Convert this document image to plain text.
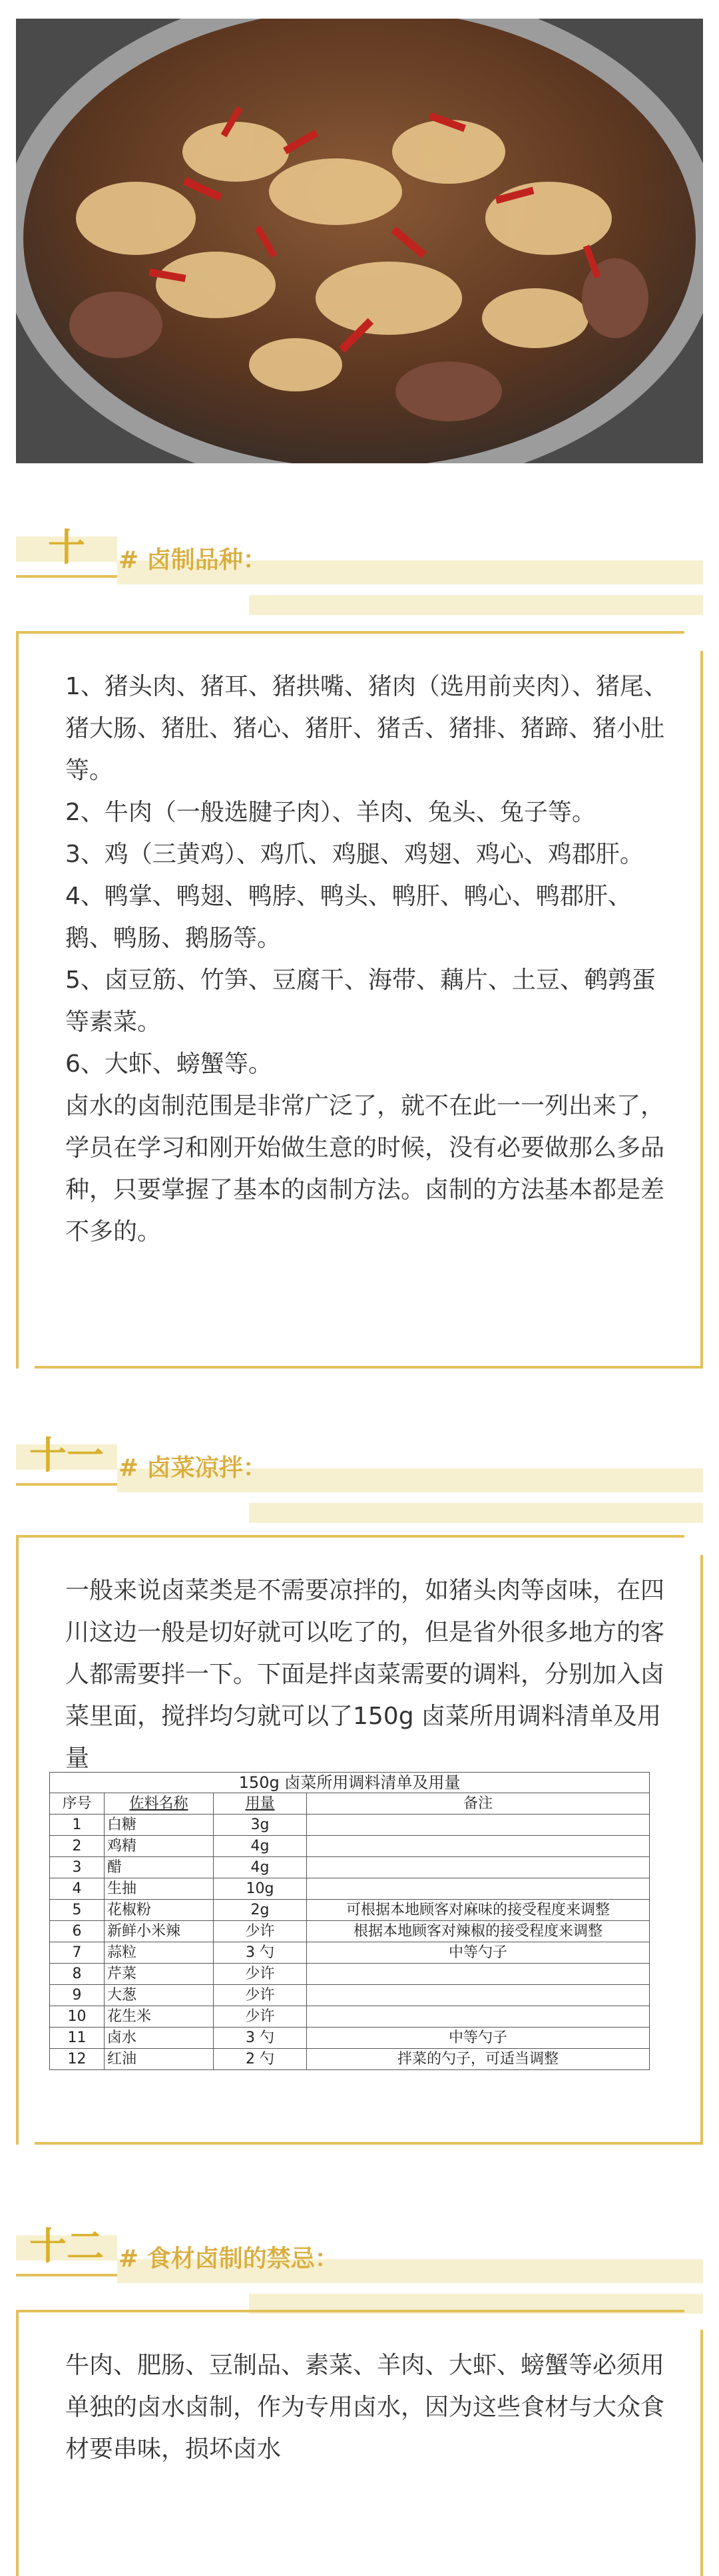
十	# 卤制品种：

1、猪头肉、猪耳、猪拱嘴、猪肉（选用前夹肉）、猪尾、猪大肠、猪肚、猪心、猪肝、猪舌、猪排、猪蹄、猪小肚等。

2、牛肉（一般选腱子肉）、羊肉、兔头、兔子等。

3、鸡（三黄鸡）、鸡爪、鸡腿、鸡翅、鸡心、鸡郡肝。

4、鸭掌、鸭翅、鸭脖、鸭头、鸭肝、鸭心、鸭郡肝、鹅、鸭肠、鹅肠等。

5、卤豆筋、竹笋、豆腐干、海带、藕片、土豆、鹌鹑蛋等素菜。

6、大虾、螃蟹等。

卤水的卤制范围是非常广泛了，就不在此一一列出来了，学员在学习和刚开始做生意的时候，没有必要做那么多品种，只要掌握了基本的卤制方法。卤制的方法基本都是差不多的。

十一 # 卤菜凉拌：

一般来说卤菜类是不需要凉拌的，如猪头肉等卤味，在四川这边一般是切好就可以吃了的，但是省外很多地方的客人都需要拌一下。下面是拌卤菜需要的调料，分别加入卤菜里面，搅拌均匀就可以了150g 卤菜所用调料清单及用量

150g 卤菜所用调料清单及用量
序号	佐料名称	用量	备注
1	白糖	3g	
2	鸡精	4g	
3	醋	4g	
4	生抽	10g	
5	花椒粉	2g	可根据本地顾客对麻味的接受程度来调整
6	新鲜小米辣	少许	根据本地顾客对辣椒的接受程度来调整
7	蒜粒	3 勺	中等勺子
8	芹菜	少许	
9	大葱	少许	
10	花生米	少许	
11	卤水	3 勺	中等勺子
12	红油	2 勺	拌菜的勺子，可适当调整
十二 # 食材卤制的禁忌：

牛肉、肥肠、豆制品、素菜、羊肉、大虾、螃蟹等必须用单独的卤水卤制，作为专用卤水，因为这些食材与大众食材要串味，损坏卤水
